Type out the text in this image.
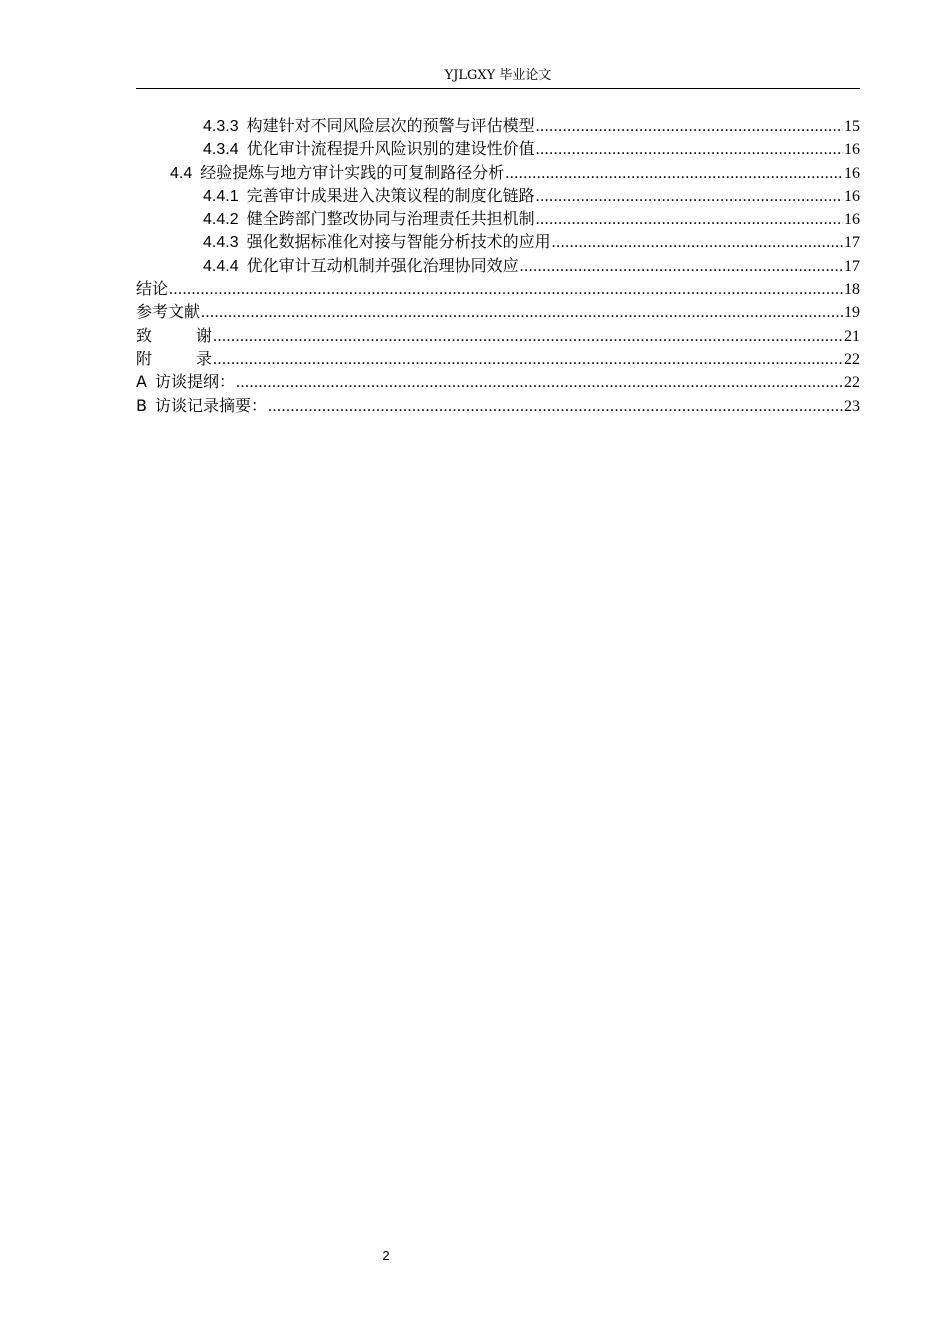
YJLGXY 毕业论文
4.3.3 构建针对不同风险层次的预警与评估模型 .....	15
4.3.4 优化审计流程提升风险识别的建设性价值 .....	16
4.4 经验提炼与地方审计实践的可复制路径分析 .....	16
4.4.1 完善审计成果进入决策议程的制度化链路 .....	16
4.4.2 健全跨部门整改协同与治理责任共担机制 .....	16
4.4.3 强化数据标准化对接与智能分析技术的应用 .....	17
4.4.4 优化审计互动机制并强化治理协同效应 .....	17
结论 .....	18
参考文献 .....	19
致	谢 .....	21
附	录 .....	22
A 访谈提纲： .....	22
B 访谈记录摘要： .....	23
2
